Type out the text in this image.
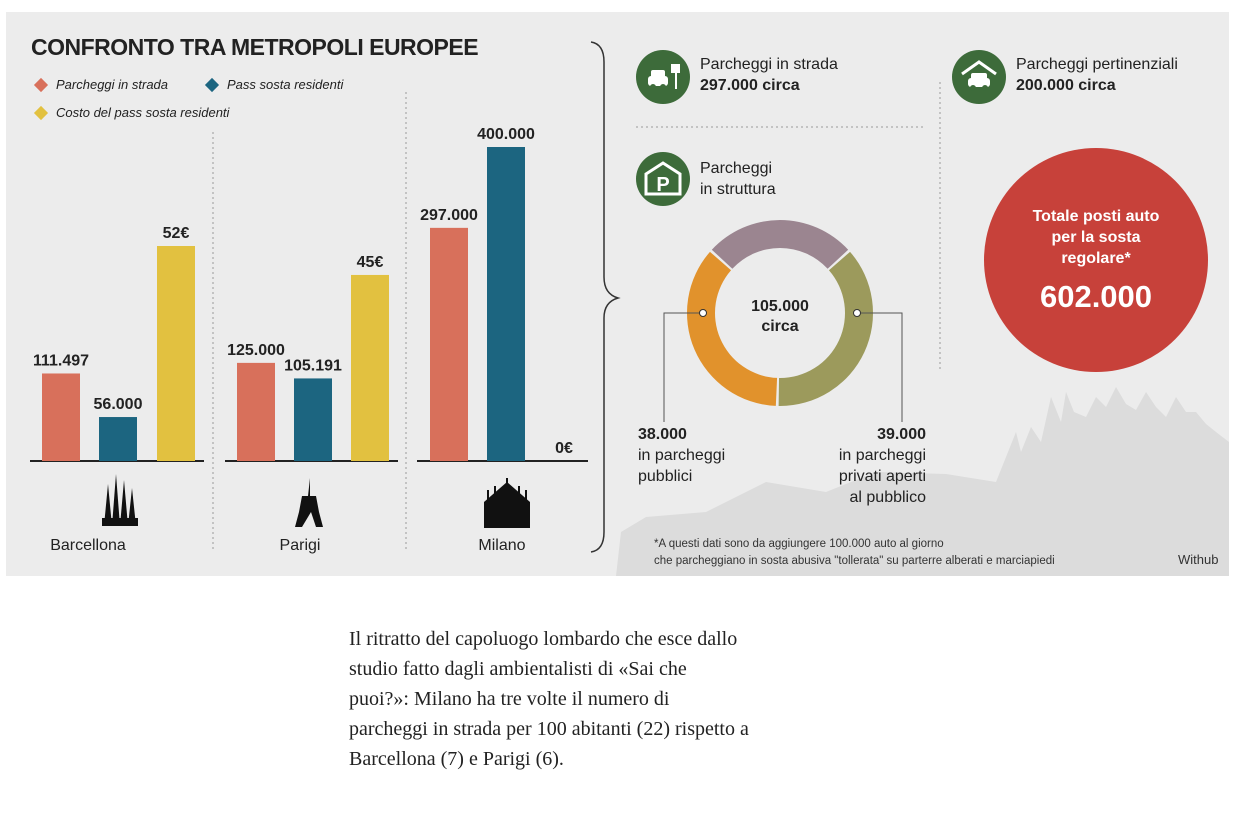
111.497
56.000
52€
Barcellona
125.000
105.191
45€
Parigi
297.000
400.000
0€
Milano
CONFRONTO TRA METROPOLI EUROPEE
Parcheggi in strada	Pass sosta residenti
Costo del pass sosta residenti
Parcheggi in strada
297.000 circa
Parcheggi pertinenziali
200.000 circa
P
Parcheggi
in struttura
105.000
circa
38.000
in parcheggi
pubblici
39.000
in parcheggi
privati aperti
al pubblico
Totale posti auto
per la sosta
regolare*
602.000
*A questi dati sono da aggiungere 100.000 auto al giorno
che parcheggiano in sosta abusiva "tollerata" su parterre alberati e marciapiedi	Withub
Il ritratto del capoluogo lombardo che esce dallo studio fatto dagli ambientalisti di «Sai che puoi?»: Milano ha tre volte il numero di parcheggi in strada per 100 abitanti (22) rispetto a Barcellona (7) e Parigi (6).
